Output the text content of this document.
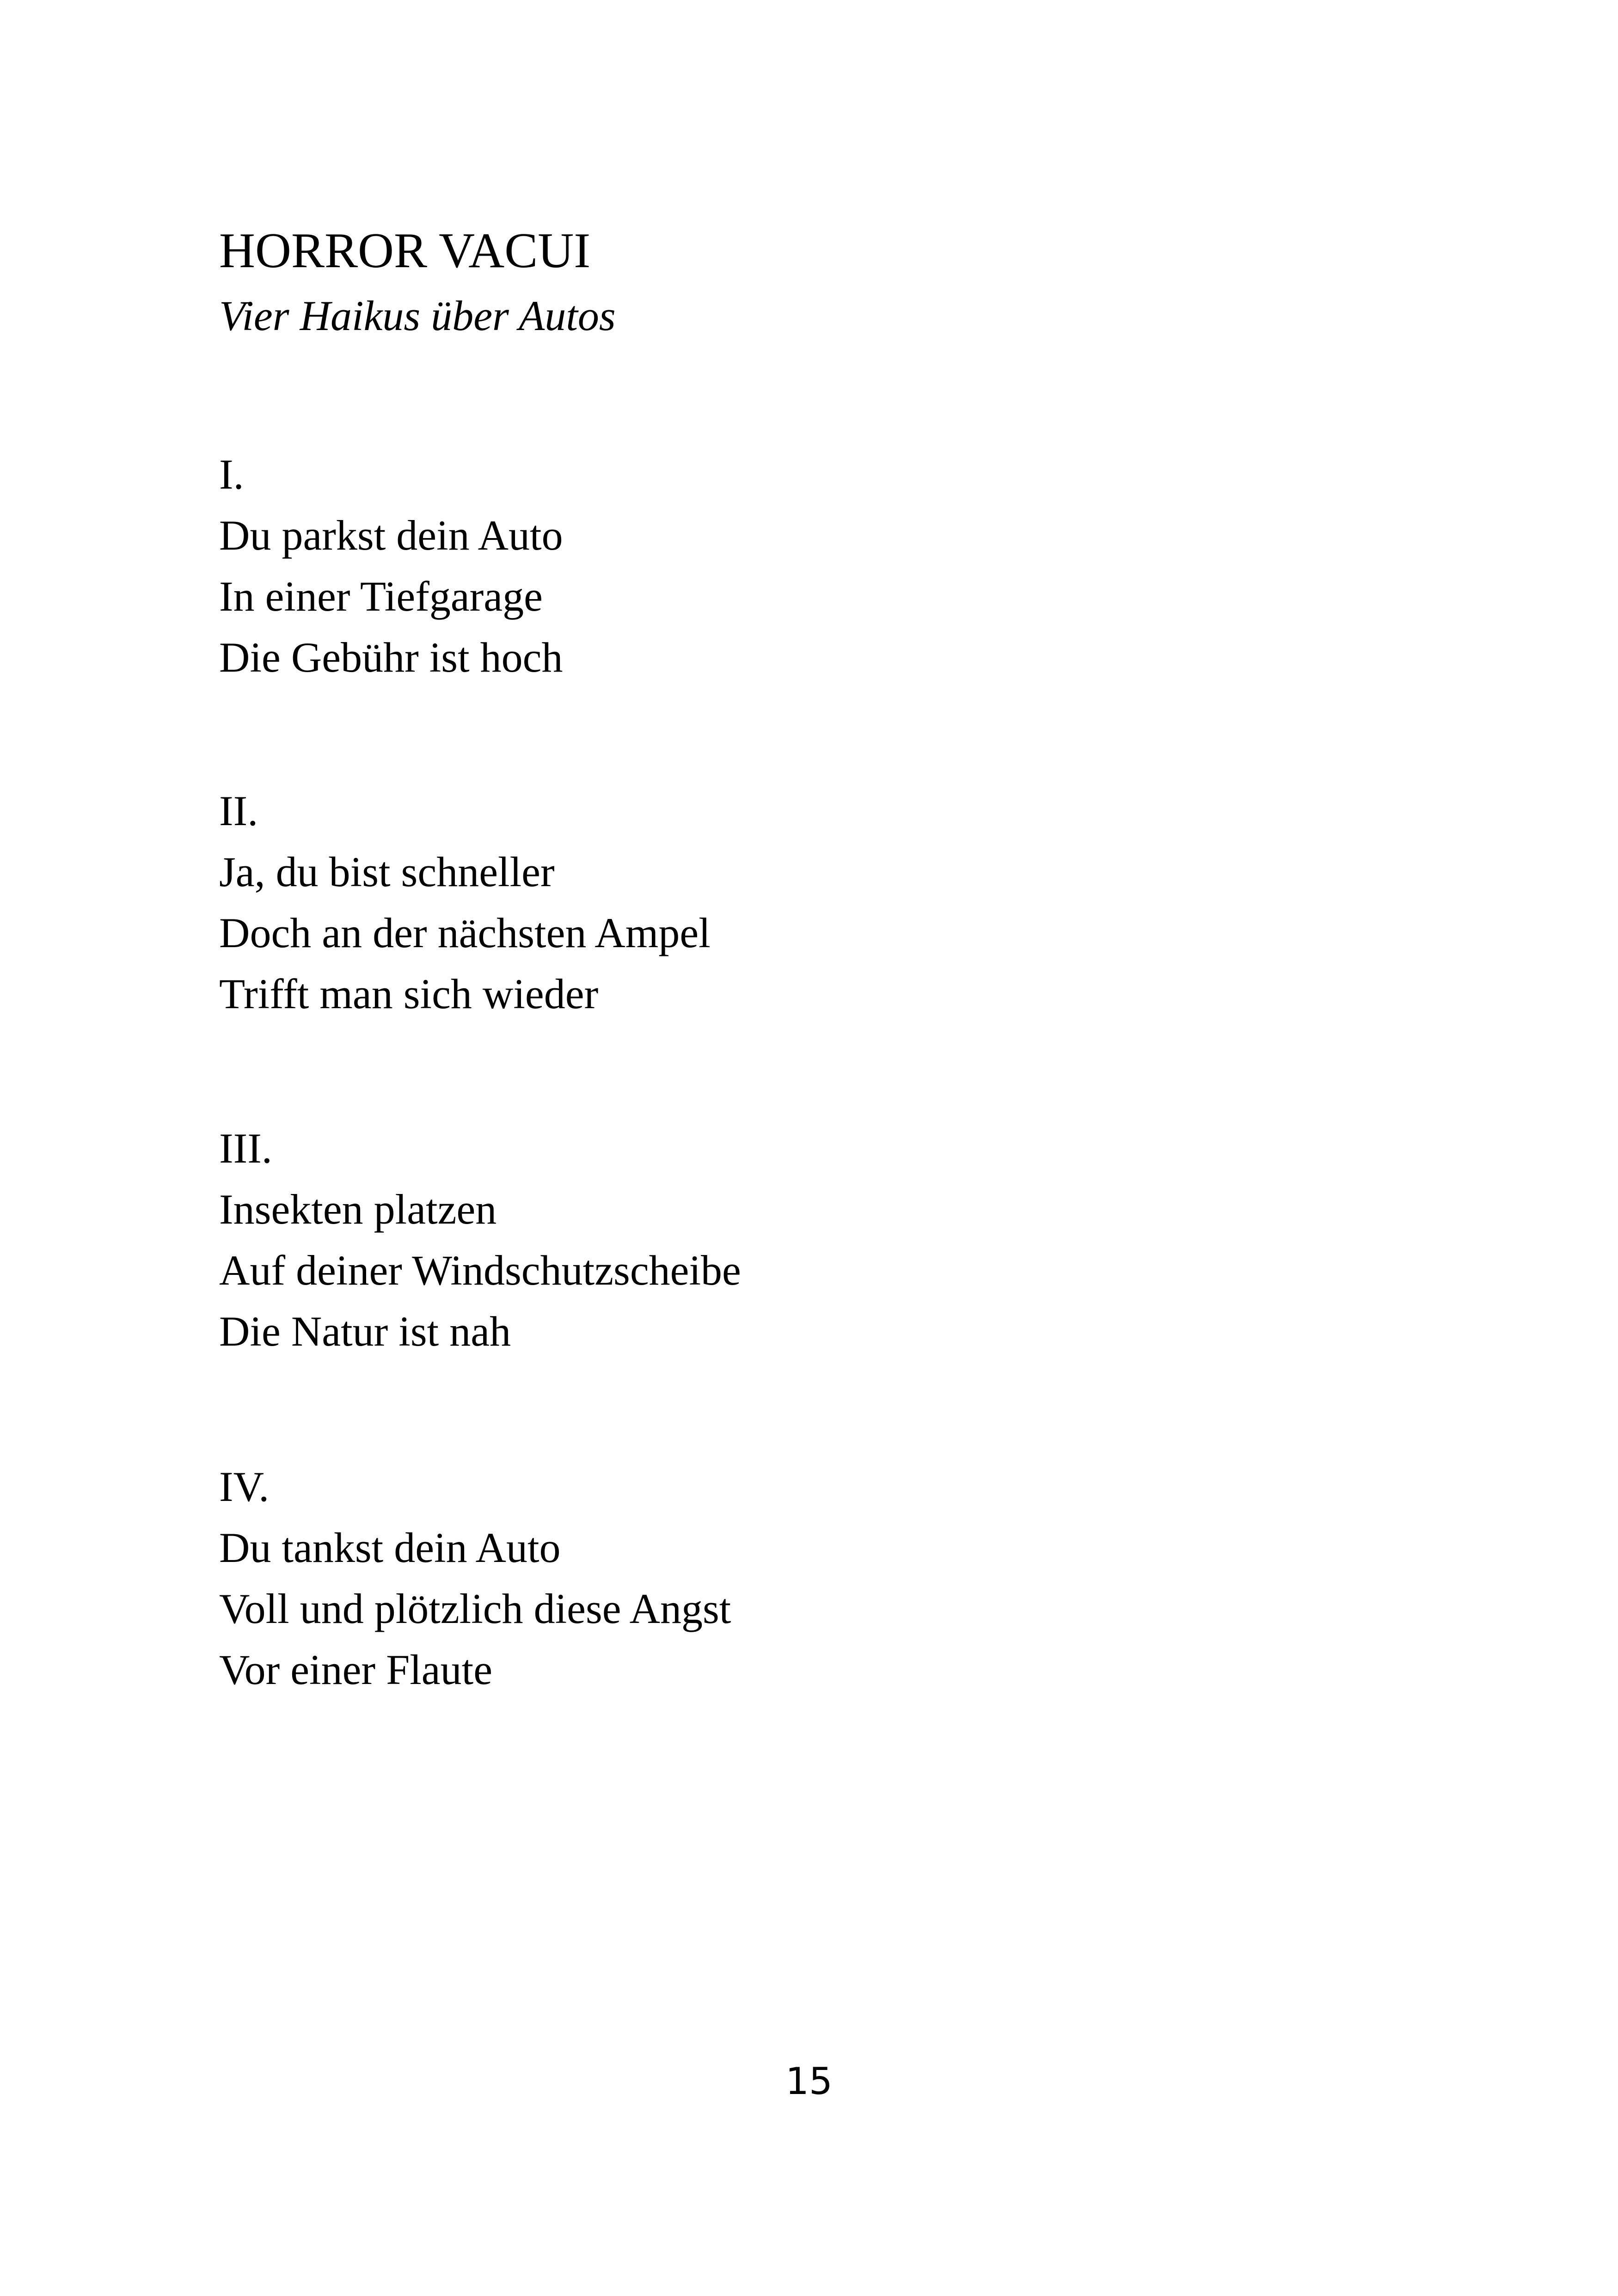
HORROR VACUI
Vier Haikus über Autos
I.
Du parkst dein Auto
In einer Tiefgarage
Die Gebühr ist hoch
II.
Ja, du bist schneller
Doch an der nächsten Ampel
Trifft man sich wieder
III.
Insekten platzen
Auf deiner Windschutzscheibe
Die Natur ist nah
IV.
Du tankst dein Auto
Voll und plötzlich diese Angst
Vor einer Flaute
15
